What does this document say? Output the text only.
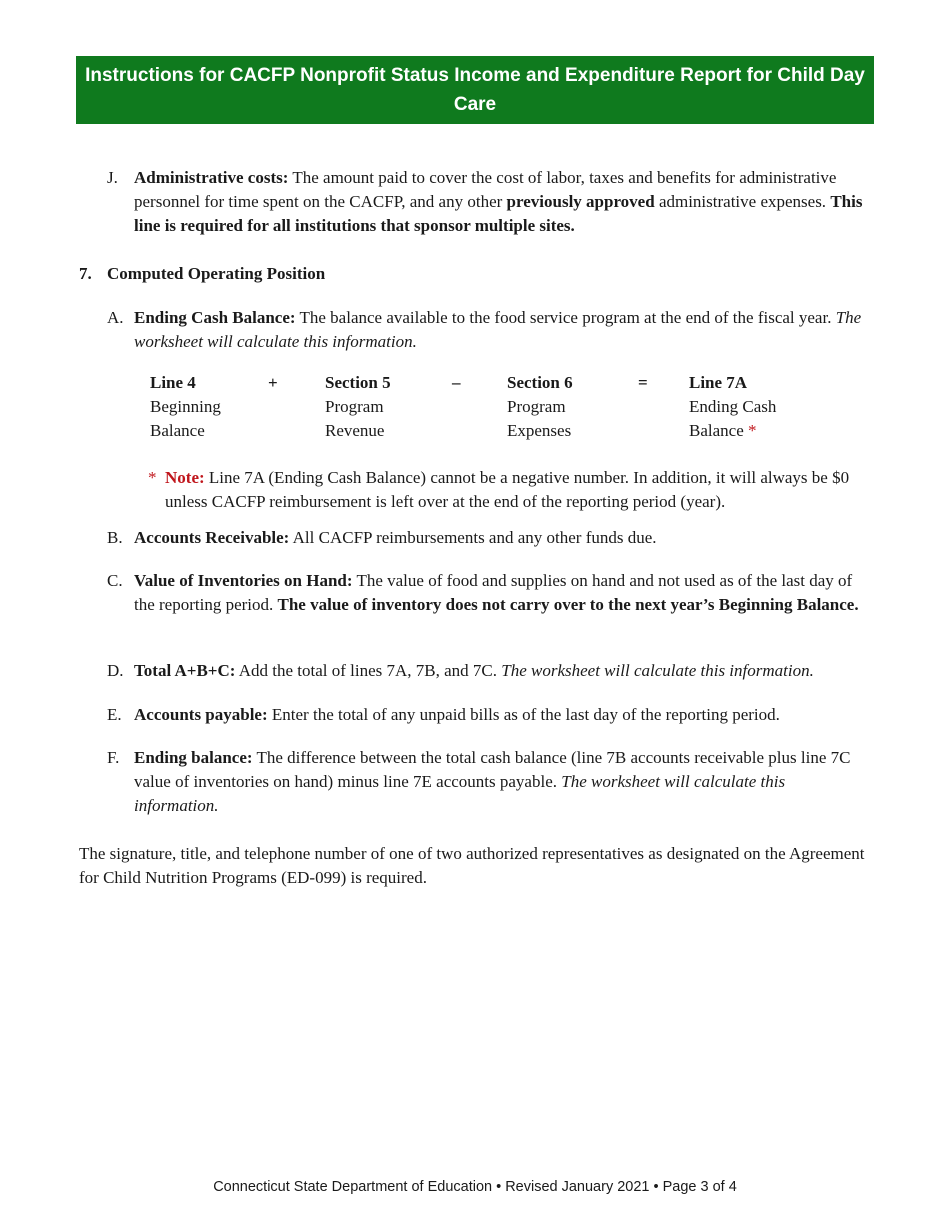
Instructions for CACFP Nonprofit Status Income and Expenditure Report for Child Day Care
Centers, Emergency Shelters, At-risk Afterschool Programs, and Adult Day Care Centers
J. Administrative costs: The amount paid to cover the cost of labor, taxes and benefits for administrative personnel for time spent on the CACFP, and any other previously approved administrative expenses. This line is required for all institutions that sponsor multiple sites.
7. Computed Operating Position
A. Ending Cash Balance: The balance available to the food service program at the end of the fiscal year. The worksheet will calculate this information.
Line 4	+	Section 5	–	Section 6	=	Line 7A
Beginning		Program		Program		Ending Cash
Balance		Revenue		Expenses		Balance *
* Note: Line 7A (Ending Cash Balance) cannot be a negative number. In addition, it will always be $0 unless CACFP reimbursement is left over at the end of the reporting period (year).
B. Accounts Receivable: All CACFP reimbursements and any other funds due.
C. Value of Inventories on Hand: The value of food and supplies on hand and not used as of the last day of the reporting period. The value of inventory does not carry over to the next year’s Beginning Balance.
D. Total A+B+C: Add the total of lines 7A, 7B, and 7C. The worksheet will calculate this information.
E. Accounts payable: Enter the total of any unpaid bills as of the last day of the reporting period.
F. Ending balance: The difference between the total cash balance (line 7B accounts receivable plus line 7C value of inventories on hand) minus line 7E accounts payable. The worksheet will calculate this information.
The signature, title, and telephone number of one of two authorized representatives as designated on the Agreement for Child Nutrition Programs (ED-099) is required.
Connecticut State Department of Education • Revised January 2021 • Page 3 of 4
